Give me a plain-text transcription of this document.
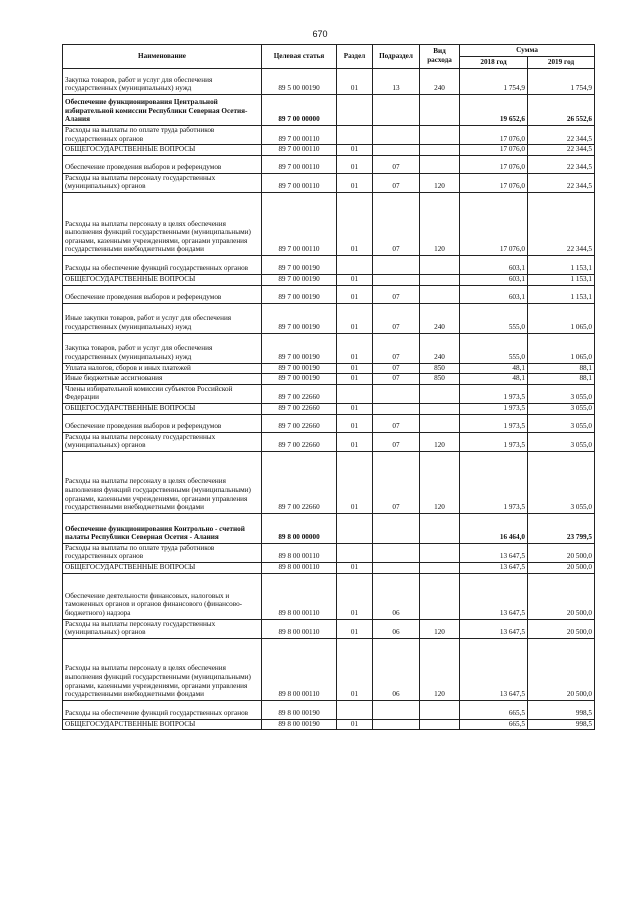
670
Наименование	Целевая статья	Раздел	Подраздел	Вид расхода	Сумма	
					2018 год	2019 год
Закупка товаров, работ и услуг для обеспечения государственных (муниципальных) нужд	89 5 00 00190	01	13	240	1 754,9	1 754,9
Обеспечение функционирования Центральной избирательной комиссии Республики Северная Осетия-Алания	89 7 00 00000				19 652,6	26 552,6
Расходы на выплаты по оплате труда работников государственных органов	89 7 00 00110				17 076,0	22 344,5
ОБЩЕГОСУДАРСТВЕННЫЕ ВОПРОСЫ	89 7 00 00110	01			17 076,0	22 344,5
Обеспечение проведения выборов и референдумов	89 7 00 00110	01	07		17 076,0	22 344,5
Расходы на выплаты персоналу государственных (муниципальных) органов	89 7 00 00110	01	07	120	17 076,0	22 344,5
Расходы на выплаты персоналу в целях обеспечения выполнения функций государственными (муниципальными) органами, казенными учреждениями, органами управления государственными внебюджетными фондами	89 7 00 00110	01	07	120	17 076,0	22 344,5
Расходы на обеспечение функций государственных органов	89 7 00 00190				603,1	1 153,1
ОБЩЕГОСУДАРСТВЕННЫЕ ВОПРОСЫ	89 7 00 00190	01			603,1	1 153,1
Обеспечение проведения выборов и референдумов	89 7 00 00190	01	07		603,1	1 153,1
Иные закупки товаров, работ и услуг для обеспечения государственных (муниципальных) нужд	89 7 00 00190	01	07	240	555,0	1 065,0
Закупка товаров, работ и услуг для обеспечения государственных (муниципальных) нужд	89 7 00 00190	01	07	240	555,0	1 065,0
Уплата налогов, сборов и иных платежей	89 7 00 00190	01	07	850	48,1	88,1
Иные бюджетные ассигнования	89 7 00 00190	01	07	850	48,1	88,1
Члены избирательной комиссии субъектов Российской Федерации	89 7 00 22660				1 973,5	3 055,0
ОБЩЕГОСУДАРСТВЕННЫЕ ВОПРОСЫ	89 7 00 22660	01			1 973,5	3 055,0
Обеспечение проведения выборов и референдумов	89 7 00 22660	01	07		1 973,5	3 055,0
Расходы на выплаты персоналу государственных (муниципальных) органов	89 7 00 22660	01	07	120	1 973,5	3 055,0
Расходы на выплаты персоналу в целях обеспечения выполнения функций государственными (муниципальными) органами, казенными учреждениями, органами управления государственными внебюджетными фондами	89 7 00 22660	01	07	120	1 973,5	3 055,0
Обеспечение функционирования Контрольно - счетной палаты Республики Северная Осетия - Алания	89 8 00 00000				16 464,0	23 799,5
Расходы на выплаты по оплате труда работников государственных органов	89 8 00 00110				13 647,5	20 500,0
ОБЩЕГОСУДАРСТВЕННЫЕ ВОПРОСЫ	89 8 00 00110	01			13 647,5	20 500,0
Обеспечение деятельности финансовых, налоговых и таможенных органов и органов финансового (финансово-бюджетного) надзора	89 8 00 00110	01	06		13 647,5	20 500,0
Расходы на выплаты персоналу государственных (муниципальных) органов	89 8 00 00110	01	06	120	13 647,5	20 500,0
Расходы на выплаты персоналу в целях обеспечения выполнения функций государственными (муниципальными) органами, казенными учреждениями, органами управления государственными внебюджетными фондами	89 8 00 00110	01	06	120	13 647,5	20 500,0
Расходы на обеспечение функций государственных органов	89 8 00 00190				665,5	998,5
ОБЩЕГОСУДАРСТВЕННЫЕ ВОПРОСЫ	89 8 00 00190	01			665,5	998,5
